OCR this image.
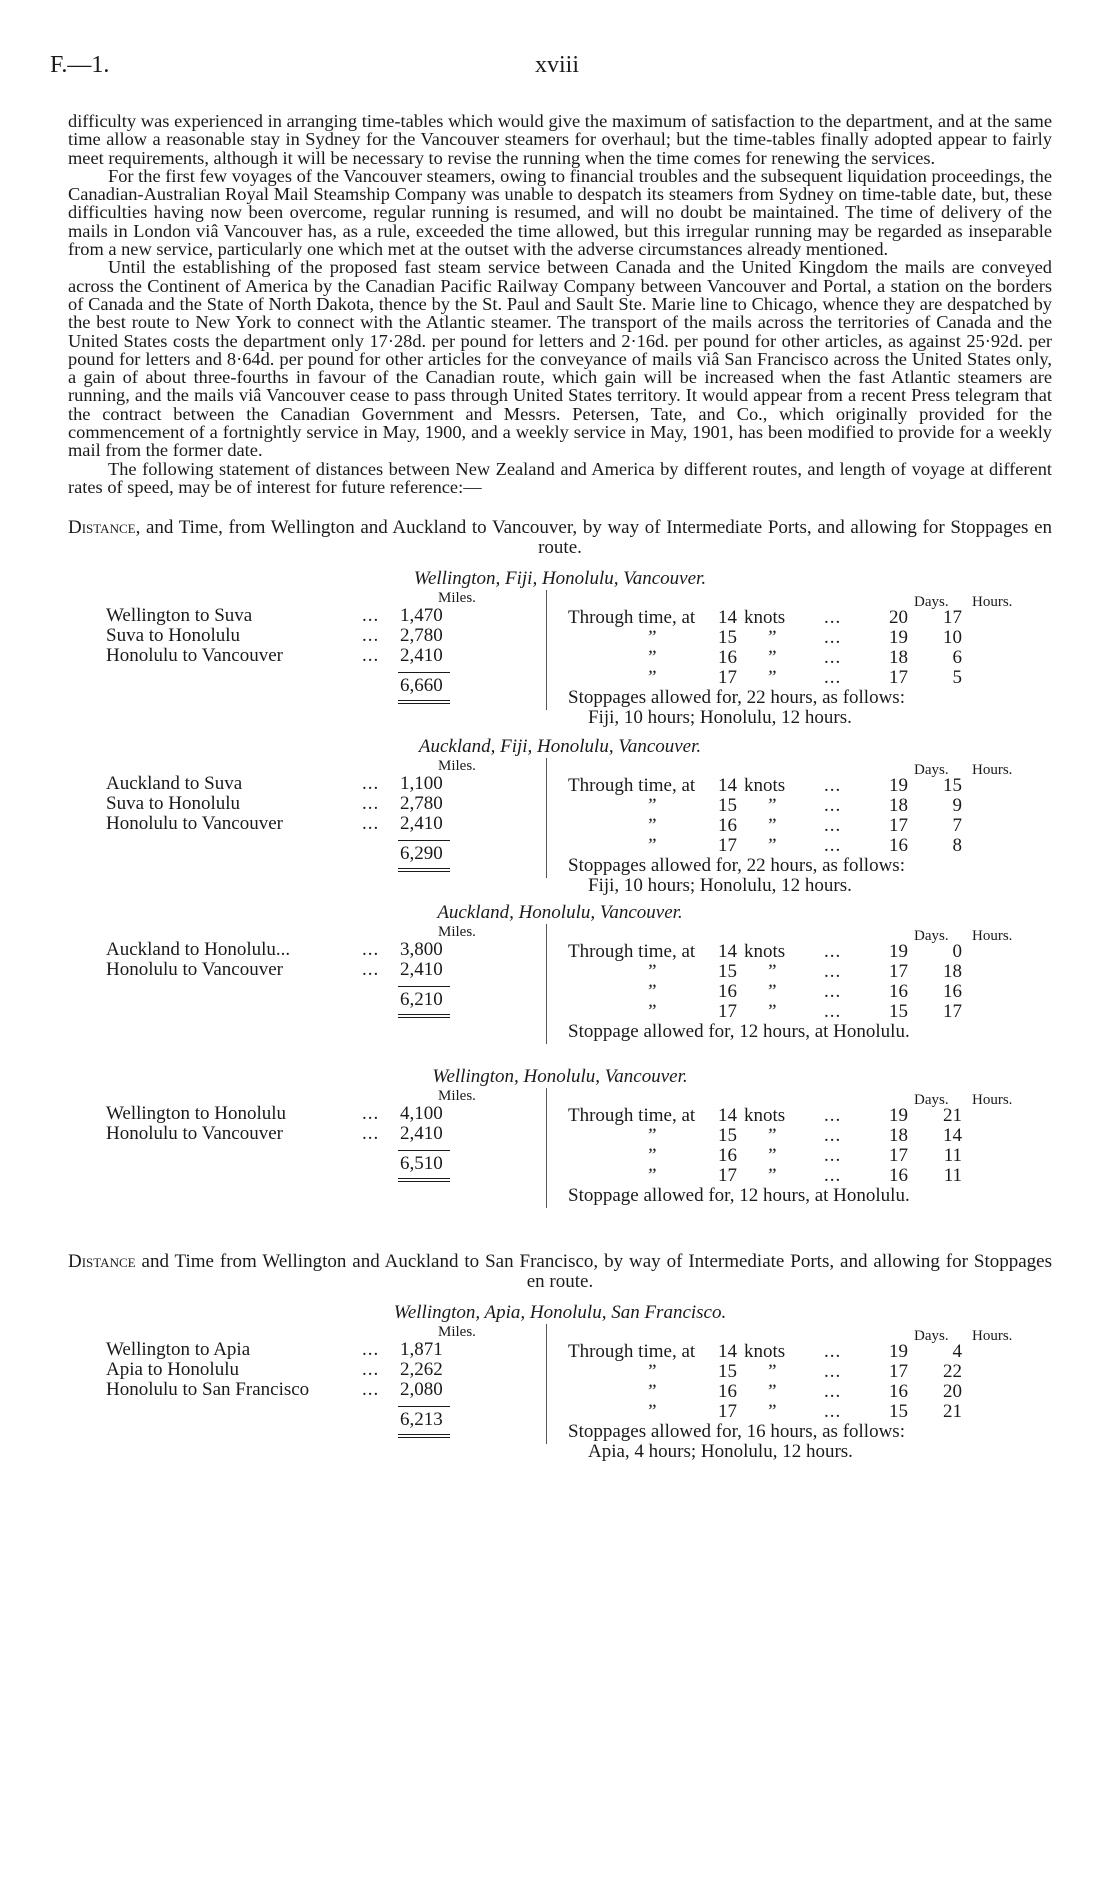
F.—1.	xviii

difficulty was experienced in arranging time-tables which would give the maximum of satisfaction to the department, and at the same time allow a reasonable stay in Sydney for the Vancouver steamers for overhaul; but the time-tables finally adopted appear to fairly meet requirements, although it will be necessary to revise the running when the time comes for renewing the services.

For the first few voyages of the Vancouver steamers, owing to financial troubles and the subsequent liquidation proceedings, the Canadian-Australian Royal Mail Steamship Company was unable to despatch its steamers from Sydney on time-table date, but, these difficulties having now been overcome, regular running is resumed, and will no doubt be maintained. The time of delivery of the mails in London viâ Vancouver has, as a rule, exceeded the time allowed, but this irregular running may be regarded as inseparable from a new service, particularly one which met at the outset with the adverse circumstances already mentioned.

Until the establishing of the proposed fast steam service between Canada and the United Kingdom the mails are conveyed across the Continent of America by the Canadian Pacific Railway Company between Vancouver and Portal, a station on the borders of Canada and the State of North Dakota, thence by the St. Paul and Sault Ste. Marie line to Chicago, whence they are despatched by the best route to New York to connect with the Atlantic steamer. The transport of the mails across the territories of Canada and the United States costs the department only 17·28d. per pound for letters and 2·16d. per pound for other articles, as against 25·92d. per pound for letters and 8·64d. per pound for other articles for the conveyance of mails viâ San Francisco across the United States only, a gain of about three-fourths in favour of the Canadian route, which gain will be increased when the fast Atlantic steamers are running, and the mails viâ Vancouver cease to pass through United States territory. It would appear from a recent Press telegram that the contract between the Canadian Government and Messrs. Petersen, Tate, and Co., which originally provided for the commencement of a fortnightly service in May, 1900, and a weekly service in May, 1901, has been modified to provide for a weekly mail from the former date.

The following statement of distances between New Zealand and America by different routes, and length of voyage at different rates of speed, may be of interest for future reference:—

Distance, and Time, from Wellington and Auckland to Vancouver, by way of Intermediate Ports, and allowing for Stoppages en route.

Wellington, Fiji, Honolulu, Vancouver.

Miles.
Wellington to Suva	... 1,470
Suva to Honolulu	... 2,780
Honolulu to Vancouver	... 2,410
6,660
Days. Hours.
Through time, at 14 knots ...	20	17
”	15 ” ...	19	10
”	16 ” ...	18	6
”	17 ” ...	17	5
Stoppages allowed for, 22 hours, as follows:
Fiji, 10 hours; Honolulu, 12 hours.

Auckland, Fiji, Honolulu, Vancouver.

Miles.
Auckland to Suva	... 1,100
Suva to Honolulu	... 2,780
Honolulu to Vancouver	... 2,410
6,290
Days. Hours.
Through time, at 14 knots ...	19	15
”	15 ” ...	18	9
”	16 ” ...	17	7
”	17 ” ...	16	8
Stoppages allowed for, 22 hours, as follows:
Fiji, 10 hours; Honolulu, 12 hours.

Auckland, Honolulu, Vancouver.

Miles.
Auckland to Honolulu...	... 3,800
Honolulu to Vancouver	... 2,410
6,210
Days. Hours.
Through time, at 14 knots ...	19	0
”	15 ” ...	17	18
”	16 ” ...	16	16
”	17 ” ...	15	17
Stoppage allowed for, 12 hours, at Honolulu.

Wellington, Honolulu, Vancouver.

Miles.
Wellington to Honolulu	... 4,100
Honolulu to Vancouver	... 2,410
6,510
Days. Hours.
Through time, at 14 knots ...	19	21
”	15 ” ...	18	14
”	16 ” ...	17	11
”	17 ” ...	16	11
Stoppage allowed for, 12 hours, at Honolulu.

Distance and Time from Wellington and Auckland to San Francisco, by way of Intermediate Ports, and allowing for Stoppages en route.

Wellington, Apia, Honolulu, San Francisco.

Miles.
Wellington to Apia	... 1,871
Apia to Honolulu	... 2,262
Honolulu to San Francisco	... 2,080
6,213
Days. Hours.
Through time, at 14 knots ...	19	4
”	15 ” ...	17	22
”	16 ” ...	16	20
”	17 ” ...	15	21
Stoppages allowed for, 16 hours, as follows:
Apia, 4 hours; Honolulu, 12 hours.
